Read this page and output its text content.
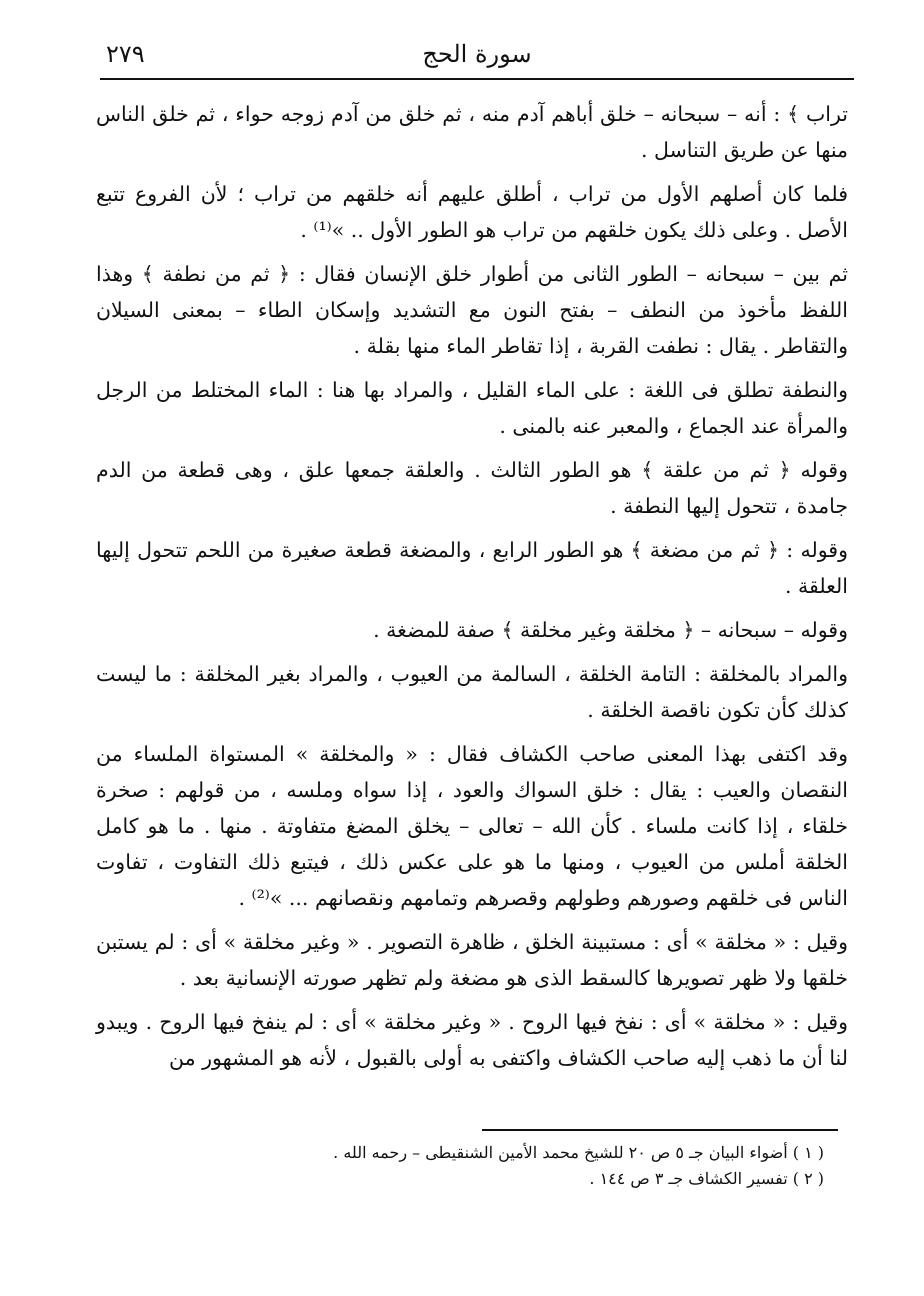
٢٧٩	سورة الحج

تراب ﴾ : أنه – سبحانه – خلق أباهم آدم منه ، ثم خلق من آدم زوجه حواء ، ثم خلق الناس منها عن طريق التناسل .

فلما كان أصلهم الأول من تراب ، أطلق عليهم أنه خلقهم من تراب ؛ لأن الفروع تتبع الأصل . وعلى ذلك يكون خلقهم من تراب هو الطور الأول .. »⁽¹⁾ .

ثم بين – سبحانه – الطور الثانى من أطوار خلق الإنسان فقال : ﴿ ثم من نطفة ﴾ وهذا اللفظ مأخوذ من النطف – بفتح النون مع التشديد وإسكان الطاء – بمعنى السيلان والتقاطر . يقال : نطفت القربة ، إذا تقاطر الماء منها بقلة .

والنطفة تطلق فى اللغة : على الماء القليل ، والمراد بها هنا : الماء المختلط من الرجل والمرأة عند الجماع ، والمعبر عنه بالمنى .

وقوله ﴿ ثم من علقة ﴾ هو الطور الثالث . والعلقة جمعها علق ، وهى قطعة من الدم جامدة ، تتحول إليها النطفة .

وقوله : ﴿ ثم من مضغة ﴾ هو الطور الرابع ، والمضغة قطعة صغيرة من اللحم تتحول إليها العلقة .

وقوله – سبحانه – ﴿ مخلقة وغير مخلقة ﴾ صفة للمضغة .

والمراد بالمخلقة : التامة الخلقة ، السالمة من العيوب ، والمراد بغير المخلقة : ما ليست كذلك كأن تكون ناقصة الخلقة .

وقد اكتفى بهذا المعنى صاحب الكشاف فقال : « والمخلقة » المستواة الملساء من النقصان والعيب : يقال : خلق السواك والعود ، إذا سواه وملسه ، من قولهم : صخرة خلقاء ، إذا كانت ملساء . كأن الله – تعالى – يخلق المضغ متفاوتة . منها . ما هو كامل الخلقة أملس من العيوب ، ومنها ما هو على عكس ذلك ، فيتبع ذلك التفاوت ، تفاوت الناس فى خلقهم وصورهم وطولهم وقصرهم وتمامهم ونقصانهم ... »⁽²⁾ .

وقيل : « مخلقة » أى : مستبينة الخلق ، ظاهرة التصوير . « وغير مخلقة » أى : لم يستبن خلقها ولا ظهر تصويرها كالسقط الذى هو مضغة ولم تظهر صورته الإنسانية بعد .

وقيل : « مخلقة » أى : نفخ فيها الروح . « وغير مخلقة » أى : لم ينفخ فيها الروح . ويبدو لنا أن ما ذهب إليه صاحب الكشاف واكتفى به أولى بالقبول ، لأنه هو المشهور من

( ١ ) أضواء البيان جـ ٥ ص ٢٠ للشيخ محمد الأمين الشنقيطى – رحمه الله .
( ٢ ) تفسير الكشاف جـ ٣ ص ١٤٤ .
